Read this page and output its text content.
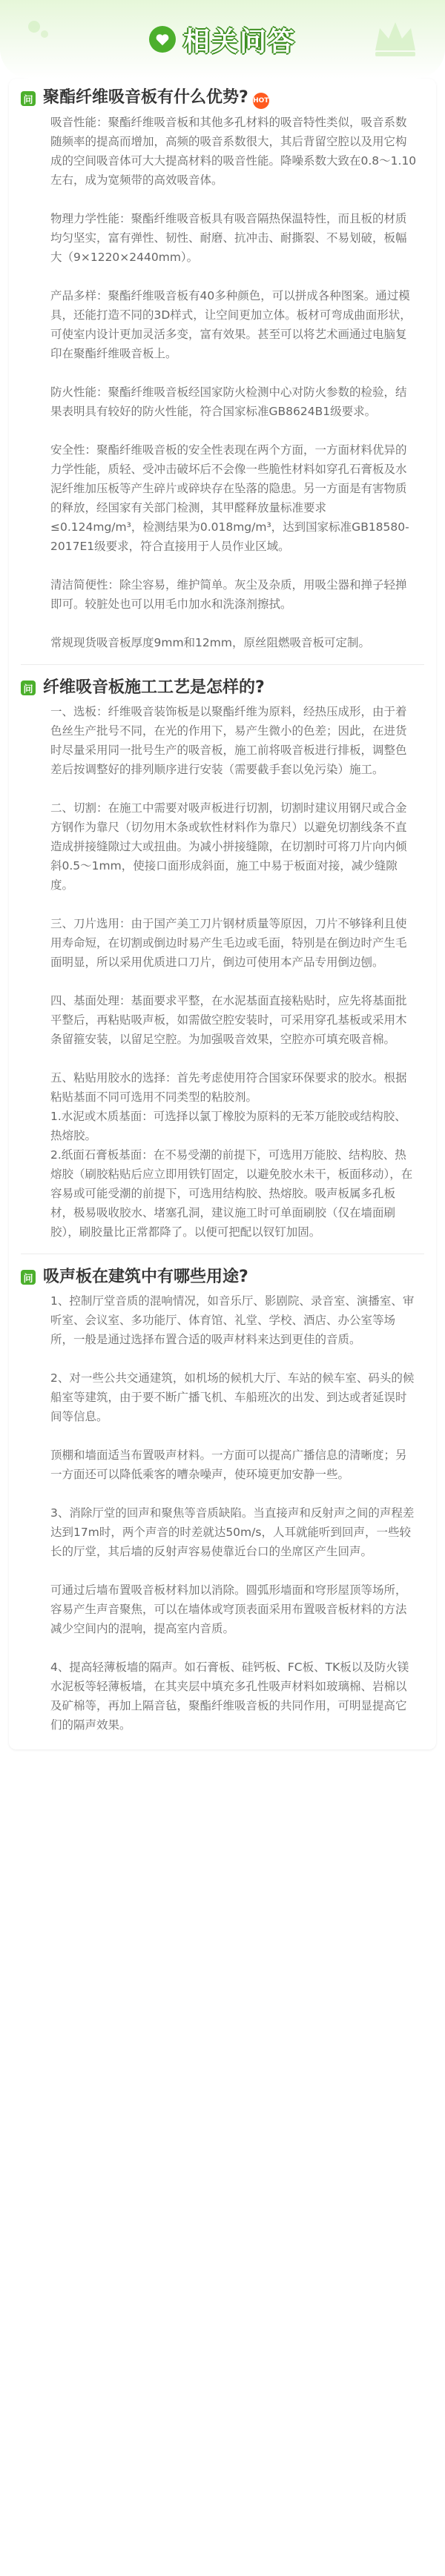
相关问答
问 聚酯纤维吸音板有什么优势? HOT

吸音性能：聚酯纤维吸音板和其他多孔材料的吸音特性类似，吸音系数随频率的提高而增加，高频的吸音系数很大，其后背留空腔以及用它构成的空间吸音体可大大提高材料的吸音性能。降噪系数大致在0.8～1.10左右，成为宽频带的高效吸音体。

物理力学性能：聚酯纤维吸音板具有吸音隔热保温特性，而且板的材质均匀坚实，富有弹性、韧性、耐磨、抗冲击、耐撕裂、不易划破，板幅大（9×1220×2440mm）。

产品多样：聚酯纤维吸音板有40多种颜色，可以拼成各种图案。通过模具，还能打造不同的3D样式，让空间更加立体。板材可弯成曲面形状，可使室内设计更加灵活多变，富有效果。甚至可以将艺术画通过电脑复印在聚酯纤维吸音板上。

防火性能：聚酯纤维吸音板经国家防火检测中心对防火参数的检验，结果表明具有较好的防火性能，符合国家标准GB8624B1级要求。

安全性：聚酯纤维吸音板的安全性表现在两个方面，一方面材料优异的力学性能，质轻、受冲击破坏后不会像一些脆性材料如穿孔石膏板及水泥纤维加压板等产生碎片或碎块存在坠落的隐患。另一方面是有害物质的释放，经国家有关部门检测，其甲醛释放量标准要求≤0.124mg/m³，检测结果为0.018mg/m³，达到国家标准GB18580-2017E1级要求，符合直接用于人员作业区域。

清洁简便性：除尘容易，维护简单。灰尘及杂质，用吸尘器和掸子轻掸即可。较脏处也可以用毛巾加水和洗涤剂擦拭。

常规现货吸音板厚度9mm和12mm，原丝阻燃吸音板可定制。

问 纤维吸音板施工工艺是怎样的?

一、选板：纤维吸音装饰板是以聚酯纤维为原料，经热压成形，由于着色丝生产批号不同，在光的作用下，易产生微小的色差；因此，在进货时尽量采用同一批号生产的吸音板，施工前将吸音板进行排板，调整色差后按调整好的排列顺序进行安装（需要截手套以免污染）施工。

二、切割：在施工中需要对吸声板进行切割，切割时建议用钢尺或合金方钢作为靠尺（切勿用木条或软性材料作为靠尺）以避免切割线条不直造成拼接缝隙过大或扭曲。为减小拼接缝隙，在切割时可将刀片向内倾斜0.5～1mm，使接口面形成斜面，施工中易于板面对接，减少缝隙度。

三、刀片选用：由于国产美工刀片钢材质量等原因，刀片不够锋利且使用寿命短，在切割或倒边时易产生毛边或毛面，特别是在倒边时产生毛面明显，所以采用优质进口刀片，倒边可使用本产品专用倒边刨。

四、基面处理：基面要求平整，在水泥基面直接粘贴时，应先将基面批平整后，再粘贴吸声板，如需做空腔安装时，可采用穿孔基板或采用木条留箍安装，以留足空腔。为加强吸音效果，空腔亦可填充吸音棉。

五、粘贴用胶水的选择：首先考虑使用符合国家环保要求的胶水。根据粘贴基面不同可选用不同类型的粘胶剂。

1.水泥或木质基面：可选择以氯丁橡胶为原料的无苯万能胶或结构胶、热熔胶。

2.纸面石膏板基面：在不易受潮的前提下，可选用万能胶、结构胶、热熔胶（刷胶粘贴后应立即用铁钉固定，以避免胶水未干，板面移动），在容易或可能受潮的前提下，可选用结构胶、热熔胶。吸声板属多孔板材，极易吸收胶水、堵塞孔洞，建议施工时可单面刷胶（仅在墙面刷胶），刷胶量比正常都降了。以便可把配以钗钉加固。

问 吸声板在建筑中有哪些用途?

1、控制厅堂音质的混响情况，如音乐厅、影剧院、录音室、演播室、审听室、会议室、多功能厅、体育馆、礼堂、学校、酒店、办公室等场所，一般是通过选择布置合适的吸声材料来达到更佳的音质。

2、对一些公共交通建筑，如机场的候机大厅、车站的候车室、码头的候船室等建筑，由于要不断广播飞机、车船班次的出发、到达或者延误时间等信息。

顶棚和墙面适当布置吸声材料。一方面可以提高广播信息的清晰度；另一方面还可以降低乘客的嘈杂噪声，使环境更加安静一些。

3、消除厅堂的回声和聚焦等音质缺陷。当直接声和反射声之间的声程差达到17m时，两个声音的时差就达50m/s，人耳就能听到回声，一些较长的厅堂，其后墙的反射声容易使靠近台口的坐席区产生回声。

可通过后墙布置吸音板材料加以消除。圆弧形墙面和穹形屋顶等场所，容易产生声音聚焦，可以在墙体或穹顶表面采用布置吸音板材料的方法减少空间内的混响，提高室内音质。

4、提高轻薄板墙的隔声。如石膏板、硅钙板、FC板、TK板以及防火镁水泥板等轻薄板墙，在其夹层中填充多孔性吸声材料如玻璃棉、岩棉以及矿棉等，再加上隔音毡，聚酯纤维吸音板的共同作用，可明显提高它们的隔声效果。
